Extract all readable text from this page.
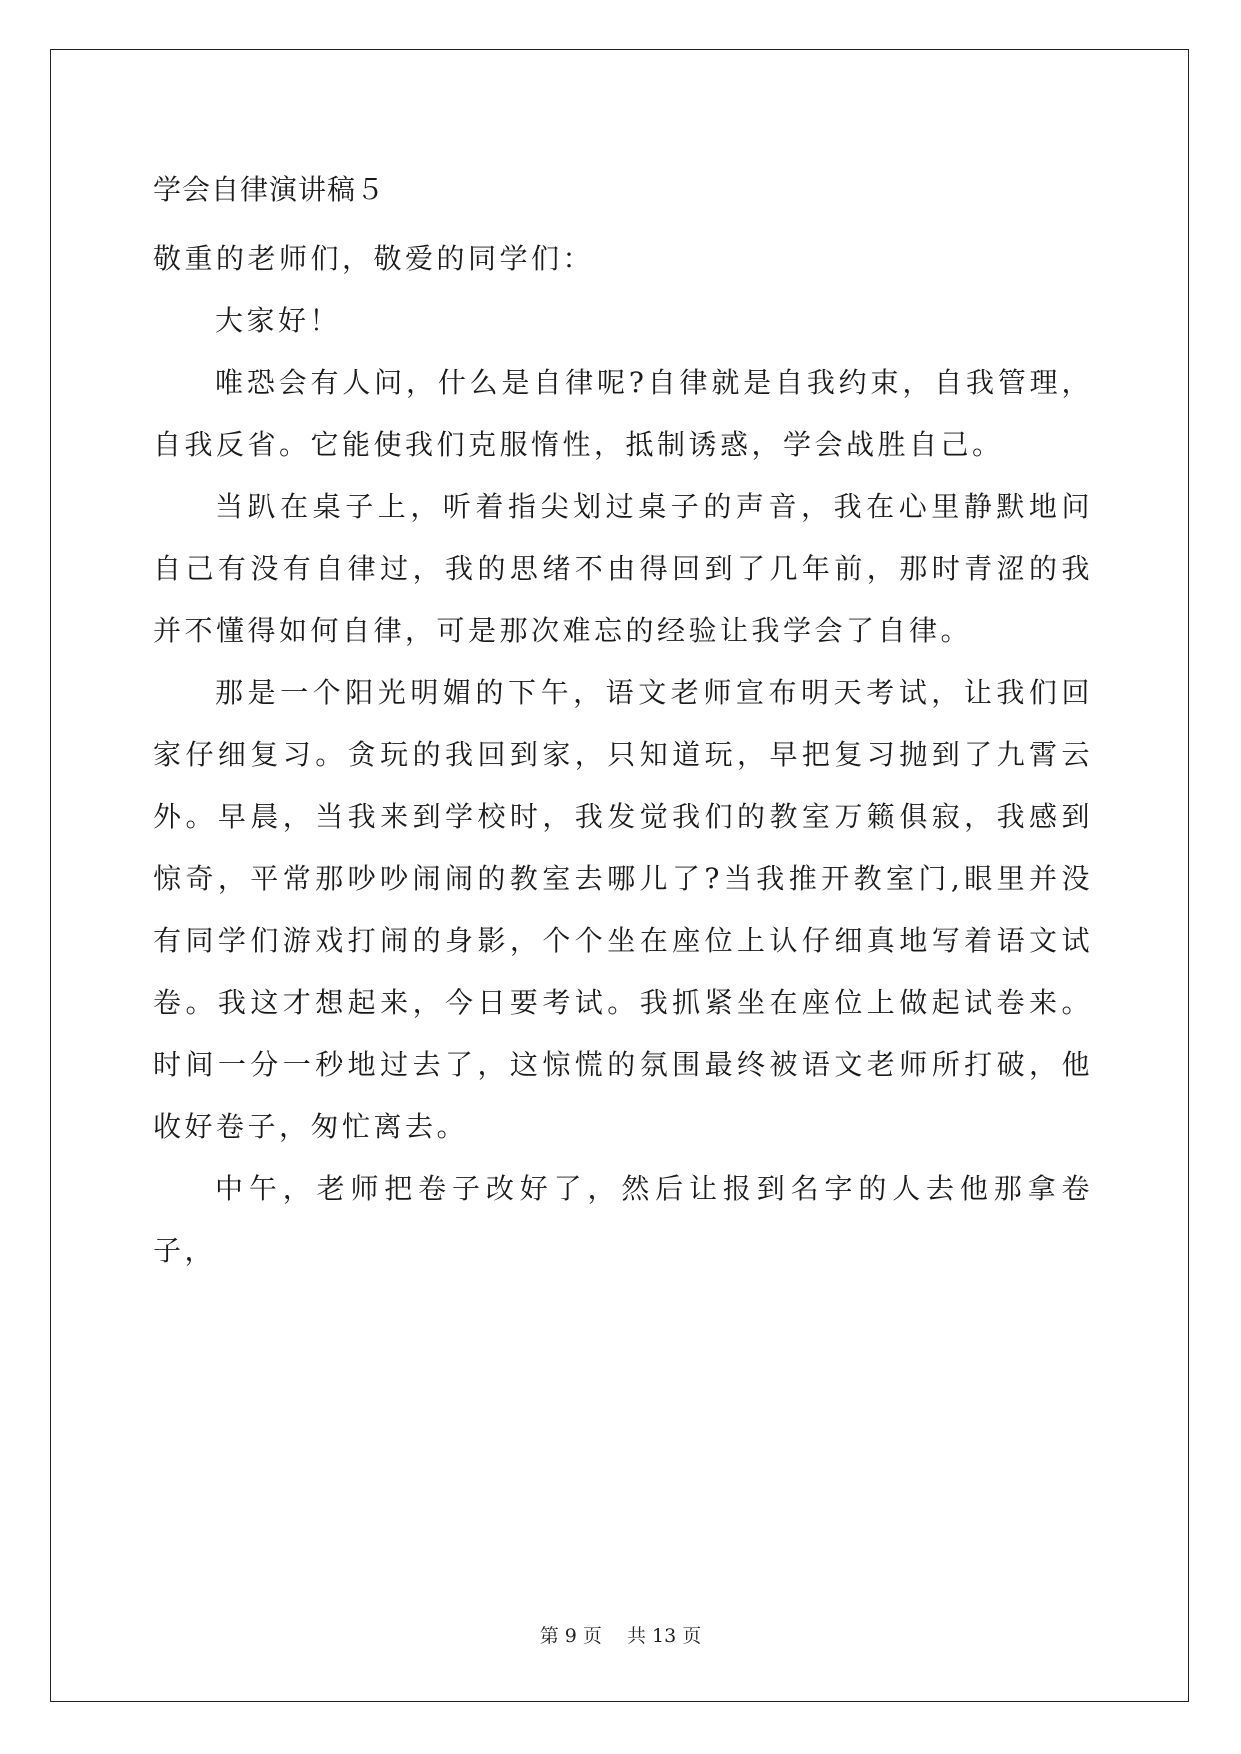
学会自律演讲稿５

敬重的老师们，敬爱的同学们：

大家好！

唯恐会有人问，什么是自律呢?自律就是自我约束，自我管理，自我反省。它能使我们克服惰性，抵制诱惑，学会战胜自己。

当趴在桌子上，听着指尖划过桌子的声音，我在心里静默地问自己有没有自律过，我的思绪不由得回到了几年前，那时青涩的我并不懂得如何自律，可是那次难忘的经验让我学会了自律。

那是一个阳光明媚的下午，语文老师宣布明天考试，让我们回家仔细复习。贪玩的我回到家，只知道玩，早把复习抛到了九霄云外。早晨，当我来到学校时，我发觉我们的教室万籁俱寂，我感到惊奇，平常那吵吵闹闹的教室去哪儿了?当我推开教室门,眼里并没有同学们游戏打闹的身影，个个坐在座位上认仔细真地写着语文试卷。我这才想起来，今日要考试。我抓紧坐在座位上做起试卷来。时间一分一秒地过去了，这惊慌的氛围最终被语文老师所打破，他收好卷子，匆忙离去。

中午，老师把卷子改好了，然后让报到名字的人去他那拿卷子，

第 9 页　 共 13 页
